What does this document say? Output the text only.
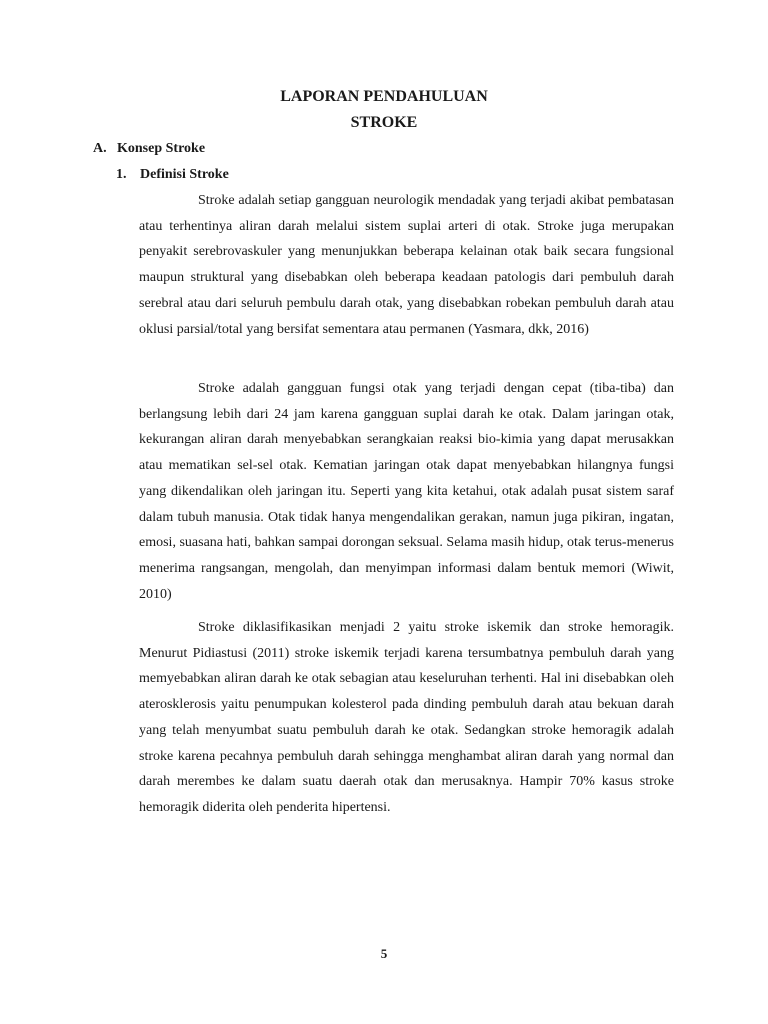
LAPORAN PENDAHULUAN
STROKE
A. Konsep Stroke
1. Definisi Stroke

Stroke adalah setiap gangguan neurologik mendadak yang terjadi akibat pembatasan atau terhentinya aliran darah melalui sistem suplai arteri di otak. Stroke juga merupakan penyakit serebrovaskuler yang menunjukkan beberapa kelainan otak baik secara fungsional maupun struktural yang disebabkan oleh beberapa keadaan patologis dari pembuluh darah serebral atau dari seluruh pembulu darah otak, yang disebabkan robekan pembuluh darah atau oklusi parsial/total yang bersifat sementara atau permanen (Yasmara, dkk, 2016)

Stroke adalah gangguan fungsi otak yang terjadi dengan cepat (tiba-tiba) dan berlangsung lebih dari 24 jam karena gangguan suplai darah ke otak. Dalam jaringan otak, kekurangan aliran darah menyebabkan serangkaian reaksi bio-kimia yang dapat merusakkan atau mematikan sel-sel otak. Kematian jaringan otak dapat menyebabkan hilangnya fungsi yang dikendalikan oleh jaringan itu. Seperti yang kita ketahui, otak adalah pusat sistem saraf dalam tubuh manusia. Otak tidak hanya mengendalikan gerakan, namun juga pikiran, ingatan, emosi, suasana hati, bahkan sampai dorongan seksual. Selama masih hidup, otak terus-menerus menerima rangsangan, mengolah, dan menyimpan informasi dalam bentuk memori (Wiwit, 2010)

Stroke diklasifikasikan menjadi 2 yaitu stroke iskemik dan stroke hemoragik. Menurut Pidiastusi (2011) stroke iskemik terjadi karena tersumbatnya pembuluh darah yang memyebabkan aliran darah ke otak sebagian atau keseluruhan terhenti. Hal ini disebabkan oleh aterosklerosis yaitu penumpukan kolesterol pada dinding pembuluh darah atau bekuan darah yang telah menyumbat suatu pembuluh darah ke otak. Sedangkan stroke hemoragik adalah stroke karena pecahnya pembuluh darah sehingga menghambat aliran darah yang normal dan darah merembes ke dalam suatu daerah otak dan merusaknya. Hampir 70% kasus stroke hemoragik diderita oleh penderita hipertensi.

5
